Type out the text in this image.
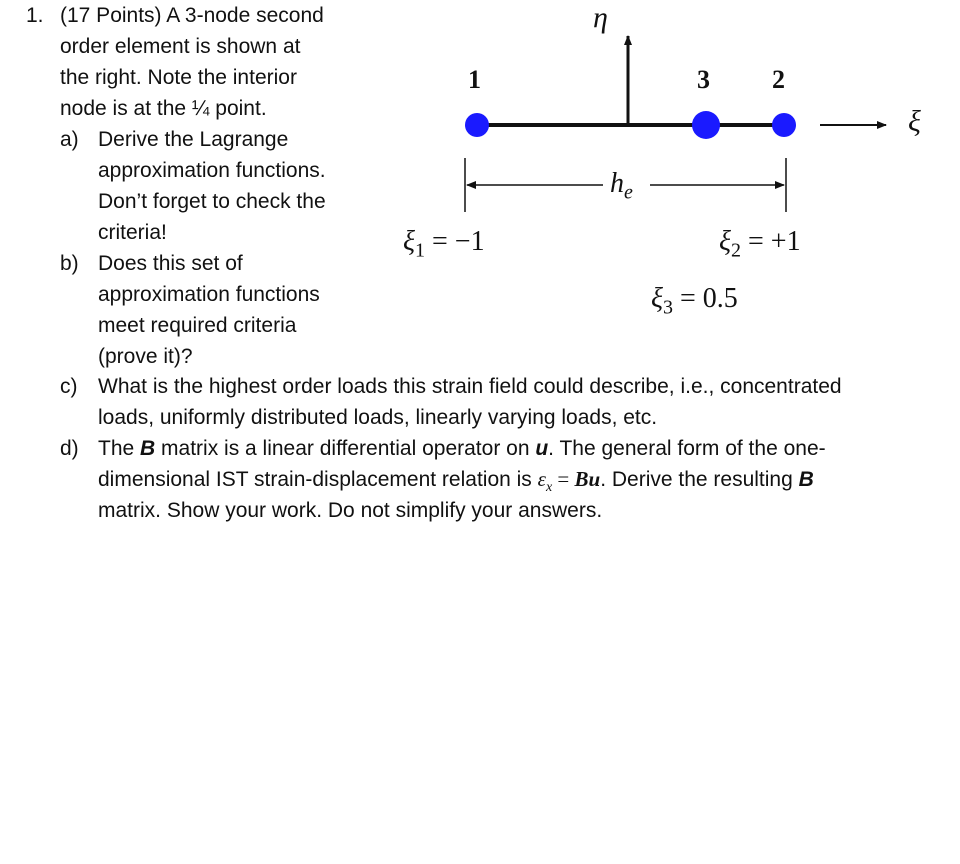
1. (17 Points) A 3-node second
order element is shown at
the right. Note the interior
node is at the ¼ point.
a) Derive the Lagrange
approximation functions.
Don’t forget to check the
criteria!
b) Does this set of
approximation functions
meet required criteria
(prove it)?
c) What is the highest order loads this strain field could describe, i.e., concentrated
loads, uniformly distributed loads, linearly varying loads, etc.
d) The B matrix is a linear differential operator on u. The general form of the one-
dimensional IST strain-displacement relation is $\varepsilon_x = Bu$. Derive the resulting B
matrix. Show your work. Do not simplify your answers.
η
ξ
1	3 2
$h_e$
$\xi_1 = -1$	$\xi_2 = +1$
$\xi_3 = 0.5$
